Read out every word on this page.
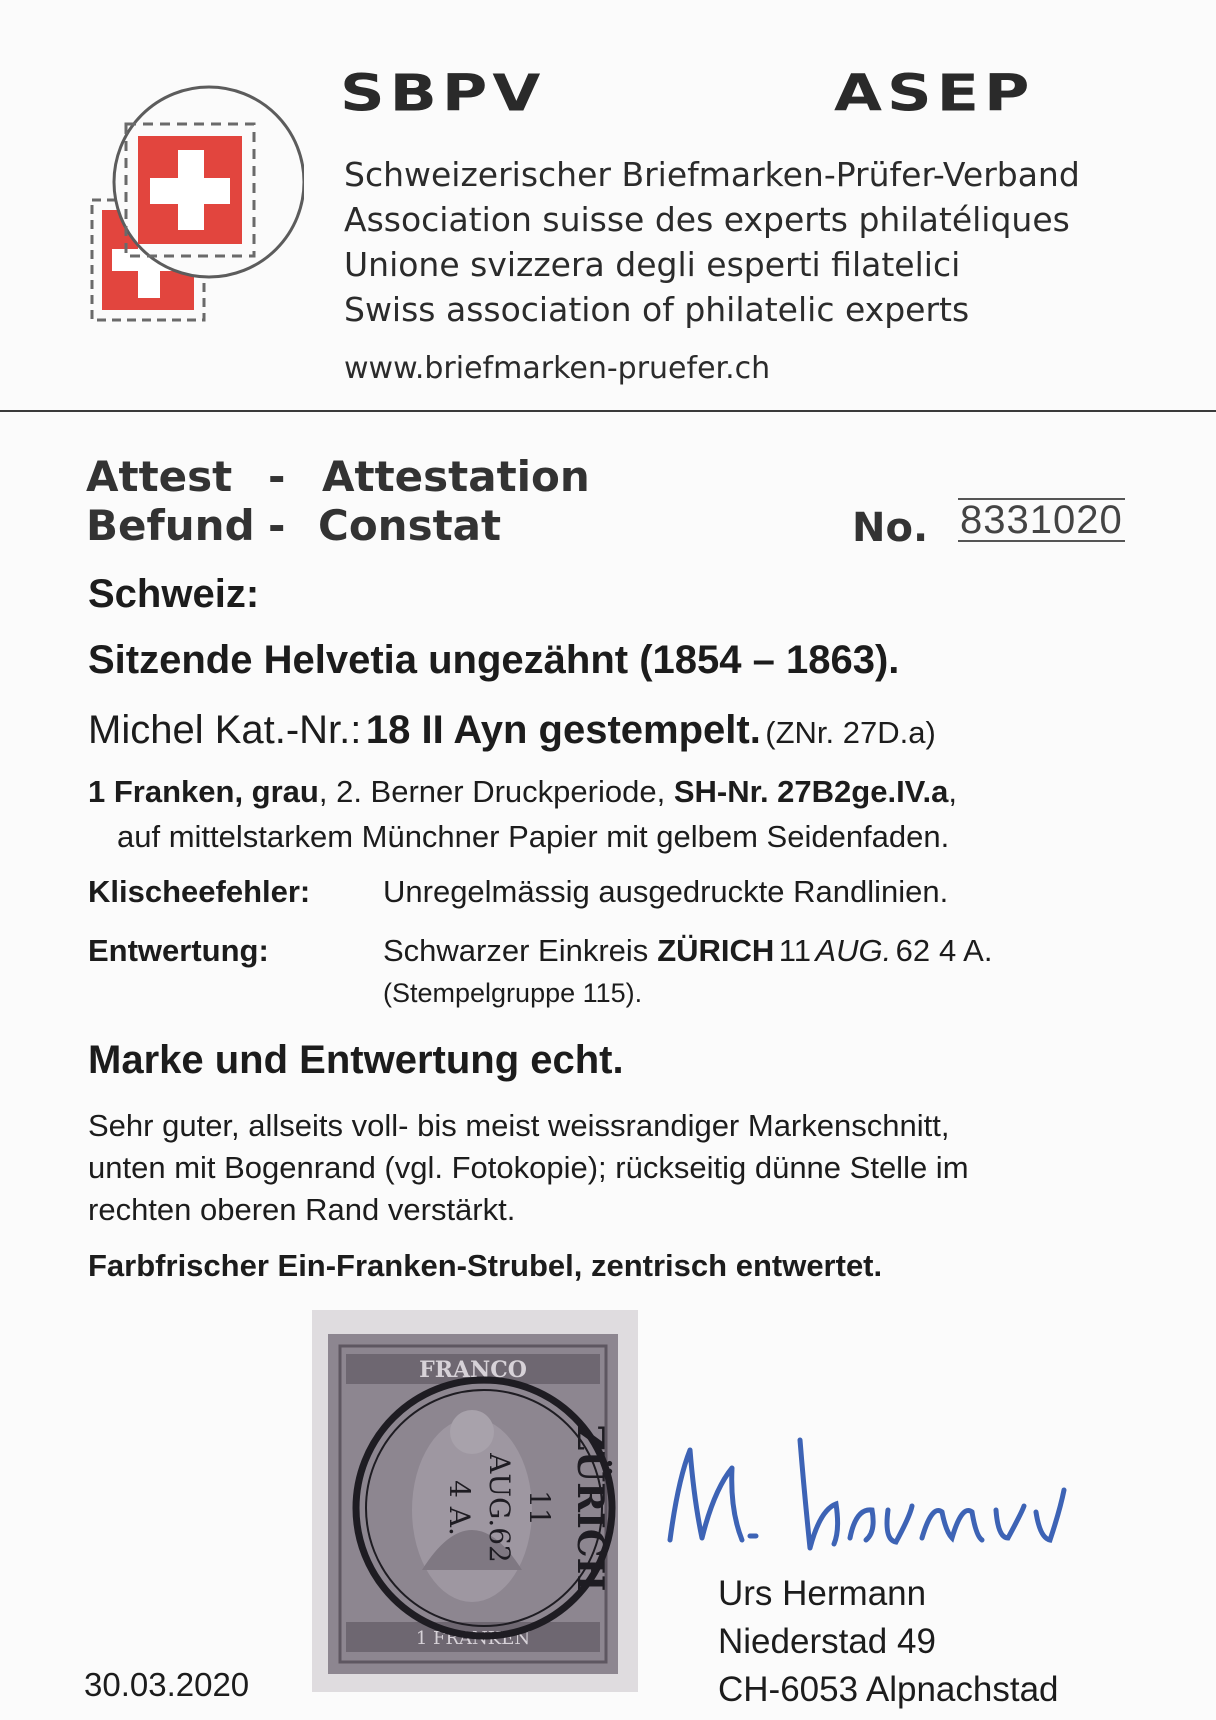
SBPV	ASEP
Schweizerischer Briefmarken-Prüfer-Verband
Association suisse des experts philatéliques
Unione svizzera degli esperti filatelici
Swiss association of philatelic experts
www.briefmarken-pruefer.ch
Attest - Attestation
Befund - Constat	No. 8331020
Schweiz:
Sitzende Helvetia ungezähnt (1854 – 1863).
Michel Kat.-Nr.: 18 II Ayn gestempelt. (ZNr. 27D.a)
1 Franken, grau, 2. Berner Druckperiode, SH-Nr. 27B2ge.IV.a,
auf mittelstarkem Münchner Papier mit gelbem Seidenfaden.
Klischeefehler: Unregelmässig ausgedruckte Randlinien.
Entwertung:	Schwarzer Einkreis ZÜRICH 11 AUG. 62 4 A.
(Stempelgruppe 115).
Marke und Entwertung echt.
Sehr guter, allseits voll- bis meist weissrandiger Markenschnitt,
unten mit Bogenrand (vgl. Fotokopie); rückseitig dünne Stelle im
rechten oberen Rand verstärkt.
Farbfrischer Ein-Franken-Strubel, zentrisch entwertet.
FRANCO
1 FRANKEN
ZÜRICH
11
AUG.62
4 A.
30.03.2020
Urs Hermann
Niederstad 49
CH-6053 Alpnachstad
